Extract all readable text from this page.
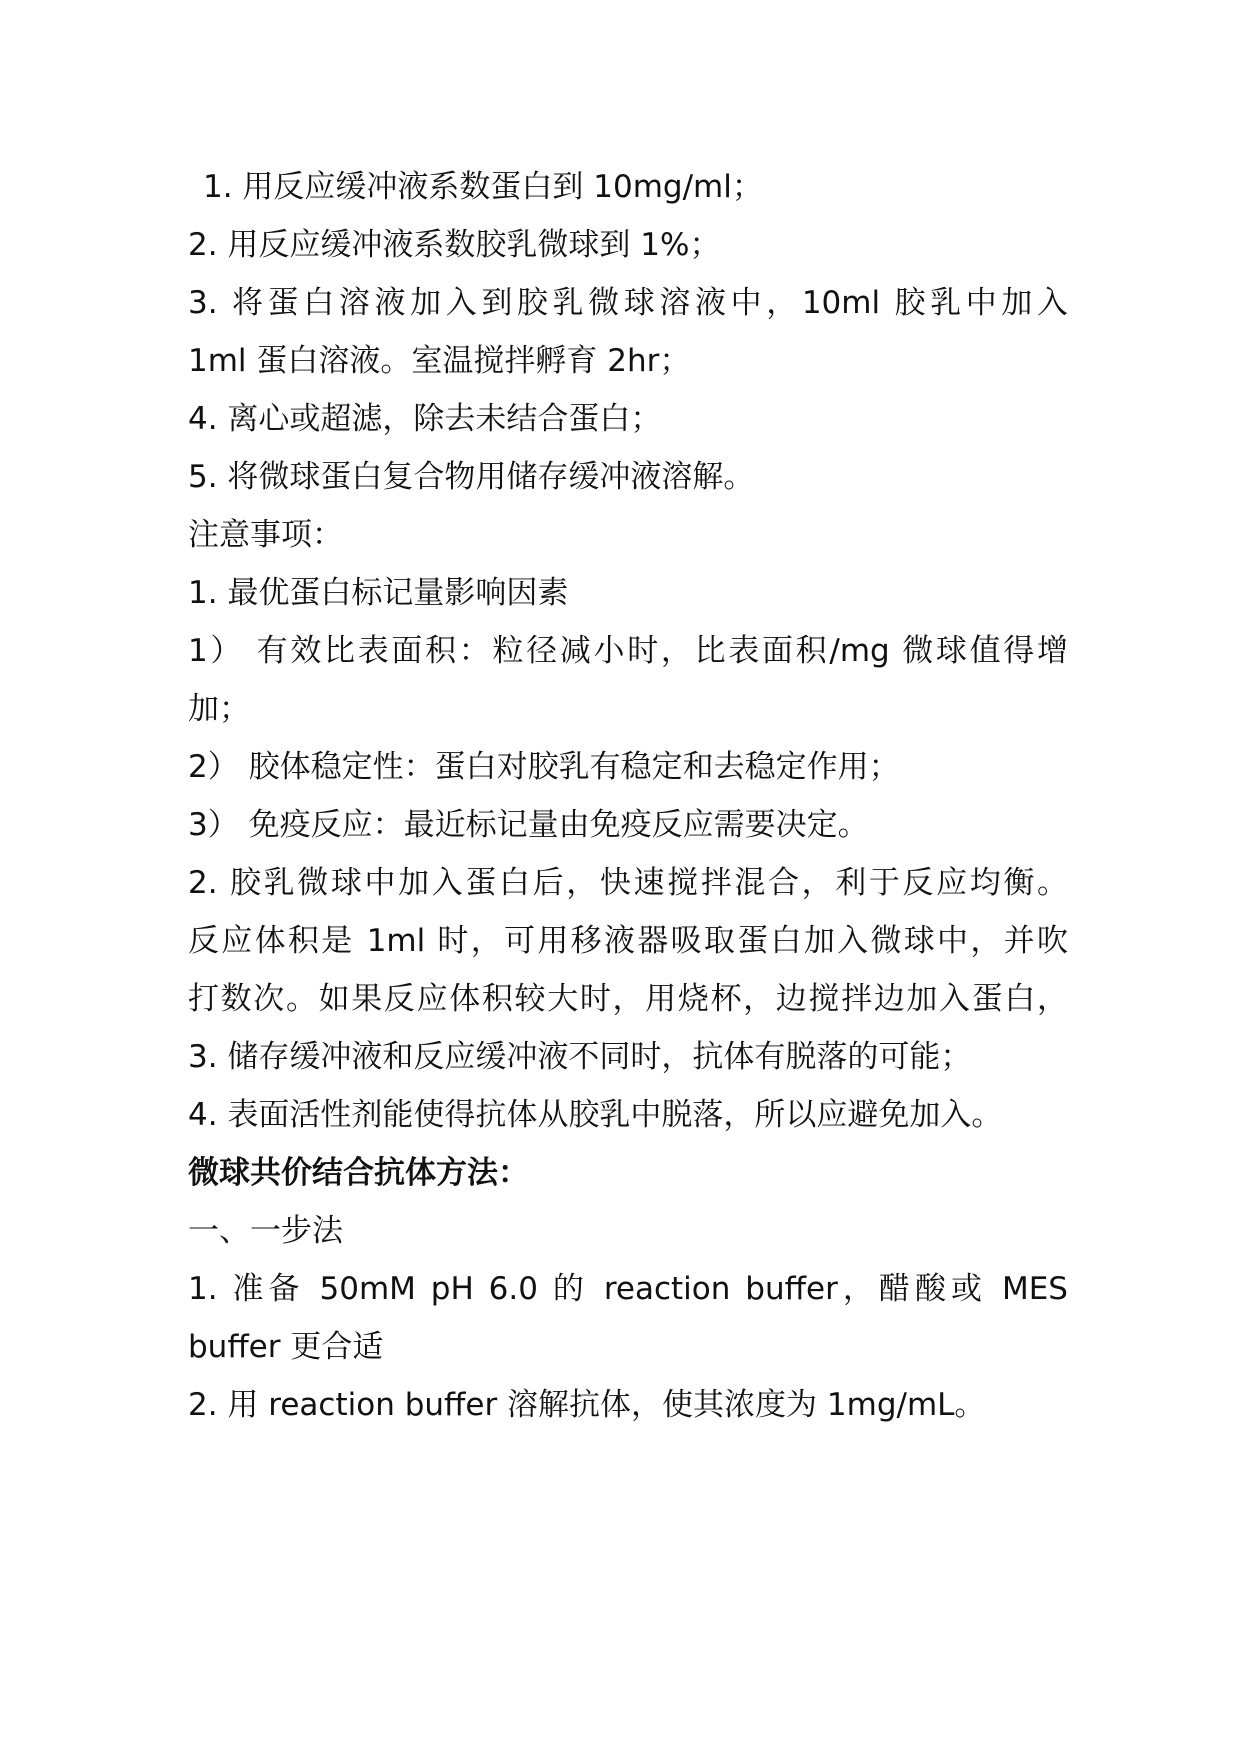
1. 用反应缓冲液系数蛋白到 10mg/ml；
2. 用反应缓冲液系数胶乳微球到 1%；
3. 将蛋白溶液加入到胶乳微球溶液中，10ml 胶乳中加入
1ml 蛋白溶液。室温搅拌孵育 2hr；
4. 离心或超滤，除去未结合蛋白；
5. 将微球蛋白复合物用储存缓冲液溶解。
注意事项：
1. 最优蛋白标记量影响因素
1） 有效比表面积：粒径减小时，比表面积/mg 微球值得增
加；
2） 胶体稳定性：蛋白对胶乳有稳定和去稳定作用；
3） 免疫反应：最近标记量由免疫反应需要决定。
2. 胶乳微球中加入蛋白后，快速搅拌混合，利于反应均衡。
反应体积是 1ml 时，可用移液器吸取蛋白加入微球中，并吹
打数次。如果反应体积较大时，用烧杯，边搅拌边加入蛋白，
3. 储存缓冲液和反应缓冲液不同时，抗体有脱落的可能；
4. 表面活性剂能使得抗体从胶乳中脱落，所以应避免加入。
微球共价结合抗体方法：
一、一步法
1. 准备 50mM pH 6.0 的 reaction buffer，醋酸或 MES
buffer 更合适
2. 用 reaction buffer 溶解抗体，使其浓度为 1mg/mL。
